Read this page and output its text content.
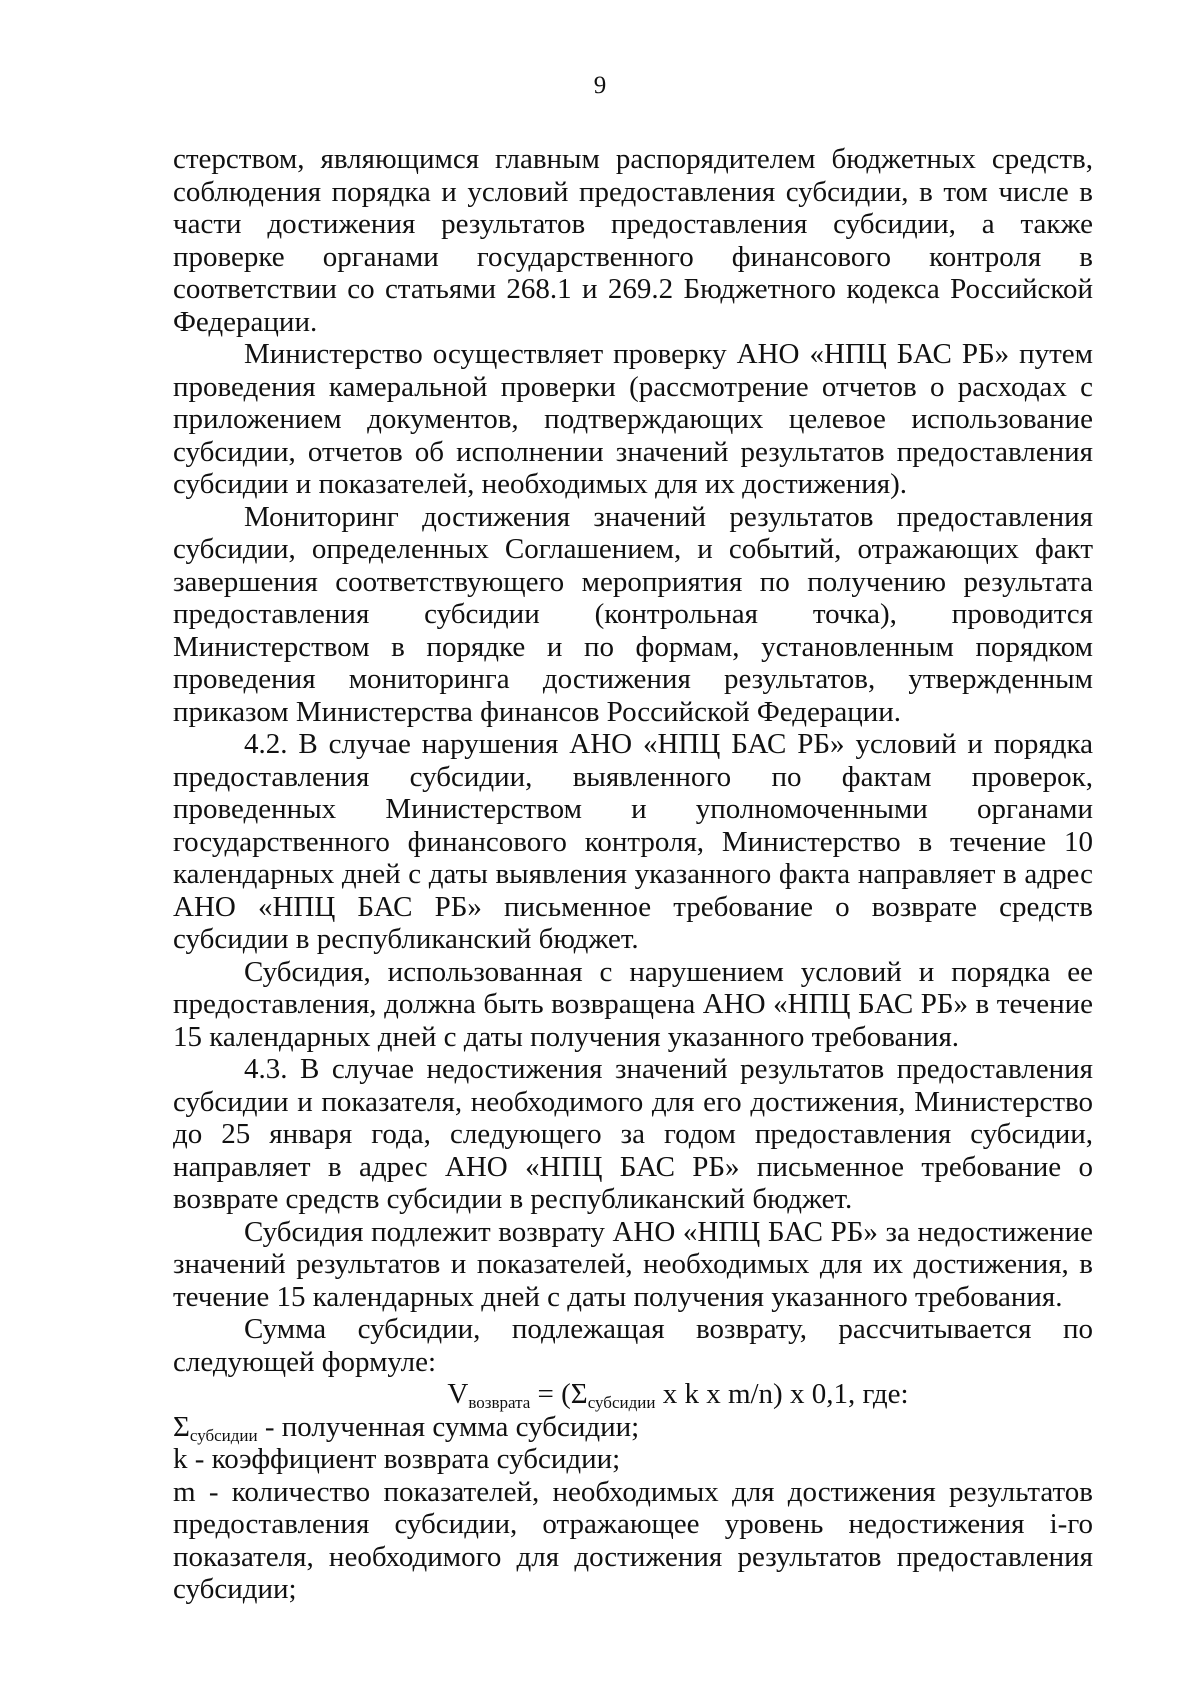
9

стерством, являющимся главным распорядителем бюджетных средств, соблюдения порядка и условий предоставления субсидии, в том числе в части достижения результатов предоставления субсидии, а также проверке органами государственного финансового контроля в соответствии со статьями 268.1 и 269.2 Бюджетного кодекса Российской Федерации.

Министерство осуществляет проверку АНО «НПЦ БАС РБ» путем проведения камеральной проверки (рассмотрение отчетов о расходах с приложением документов, подтверждающих целевое использование субсидии, отчетов об исполнении значений результатов предоставления субсидии и показателей, необходимых для их достижения).

Мониторинг достижения значений результатов предоставления субсидии, определенных Соглашением, и событий, отражающих факт завершения соответствующего мероприятия по получению результата предоставления субсидии (контрольная точка), проводится Министерством в порядке и по формам, установленным порядком проведения мониторинга достижения результатов, утвержденным приказом Министерства финансов Российской Федерации.

4.2. В случае нарушения АНО «НПЦ БАС РБ» условий и порядка предоставления субсидии, выявленного по фактам проверок, проведенных Министерством и уполномоченными органами государственного финансового контроля, Министерство в течение 10 календарных дней с даты выявления указанного факта направляет в адрес АНО «НПЦ БАС РБ» письменное требование о возврате средств субсидии в республиканский бюджет.

Субсидия, использованная с нарушением условий и порядка ее предоставления, должна быть возвращена АНО «НПЦ БАС РБ» в течение 15 календарных дней с даты получения указанного требования.

4.3. В случае недостижения значений результатов предоставления субсидии и показателя, необходимого для его достижения, Министерство до 25 января года, следующего за годом предоставления субсидии, направляет в адрес АНО «НПЦ БАС РБ» письменное требование о возврате средств субсидии в республиканский бюджет.

Субсидия подлежит возврату АНО «НПЦ БАС РБ» за недостижение значений результатов и показателей, необходимых для их достижения, в течение 15 календарных дней с даты получения указанного требования.

Сумма субсидии, подлежащая возврату, рассчитывается по следующей формуле:

$V_{возврата} = (\Sigma_{субсидии}$ x k x m/n) x 0,1, где:

$\Sigma_{субсидии}$ - полученная сумма субсидии;

k - коэффициент возврата субсидии;

m - количество показателей, необходимых для достижения результатов предоставления субсидии, отражающее уровень недостижения i-го показателя, необходимого для достижения результатов предоставления субсидии;
